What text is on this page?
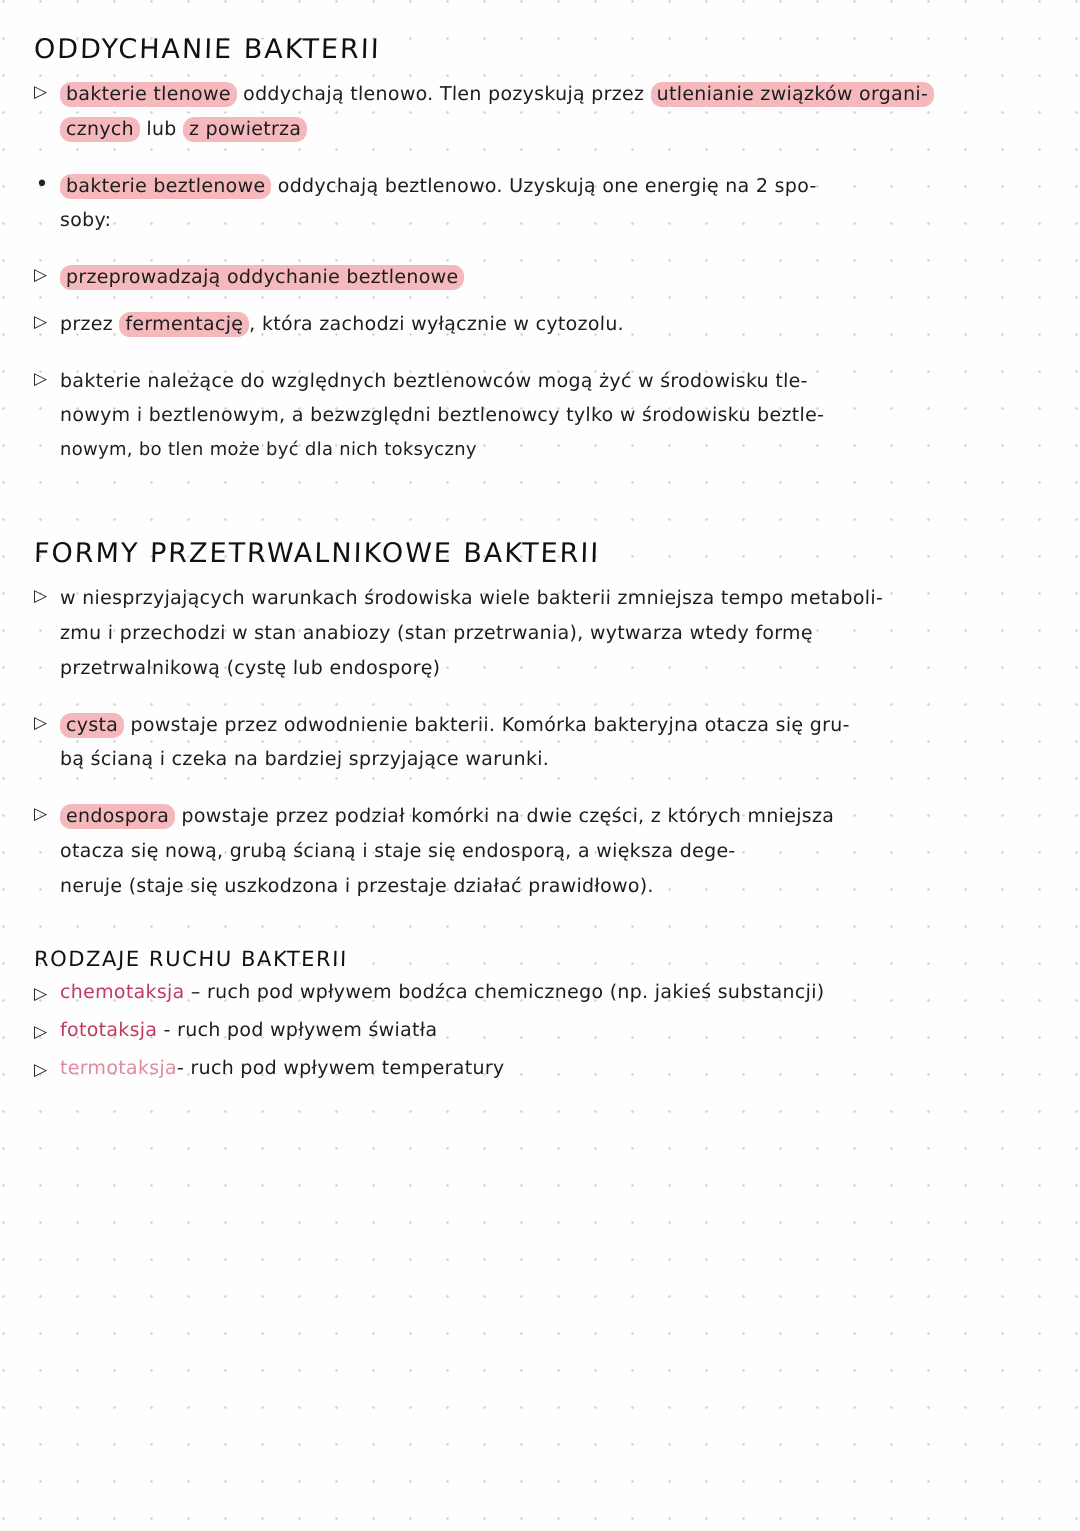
ODDYCHANIE BAKTERII
▷ bakterie tlenowe oddychają tlenowo. Tlen pozyskują przez utlenianie związków organi-
cznych lub z powietrza
• bakterie beztlenowe oddychają beztlenowo. Uzyskują one energię na 2 spo-
soby:
▷ przeprowadzają oddychanie beztlenowe
▷ przez fermentację , która zachodzi wyłącznie w cytozolu.
▷ bakterie należące do względnych beztlenowców mogą żyć w środowisku tle-
nowym i beztlenowym, a bezwzględni beztlenowcy tylko w środowisku beztle-
nowym, bo tlen może być dla nich toksyczny
FORMY PRZETRWALNIKOWE BAKTERII
▷ w niesprzyjających warunkach środowiska wiele bakterii zmniejsza tempo metaboli-
zmu i przechodzi w stan anabiozy (stan przetrwania), wytwarza wtedy formę
przetrwalnikową (cystę lub endosporę)
▷ cysta powstaje przez odwodnienie bakterii. Komórka bakteryjna otacza się gru-
bą ścianą i czeka na bardziej sprzyjające warunki.
▷ endospora powstaje przez podział komórki na dwie części, z których mniejsza
otacza się nową, grubą ścianą i staje się endosporą, a większa dege-
neruje (staje się uszkodzona i przestaje działać prawidłowo).
RODZAJE RUCHU BAKTERII
▷ chemotaksja – ruch pod wpływem bodźca chemicznego (np. jakieś substancji)
▷ fototaksja - ruch pod wpływem światła
▷ termotaksja- ruch pod wpływem temperatury
